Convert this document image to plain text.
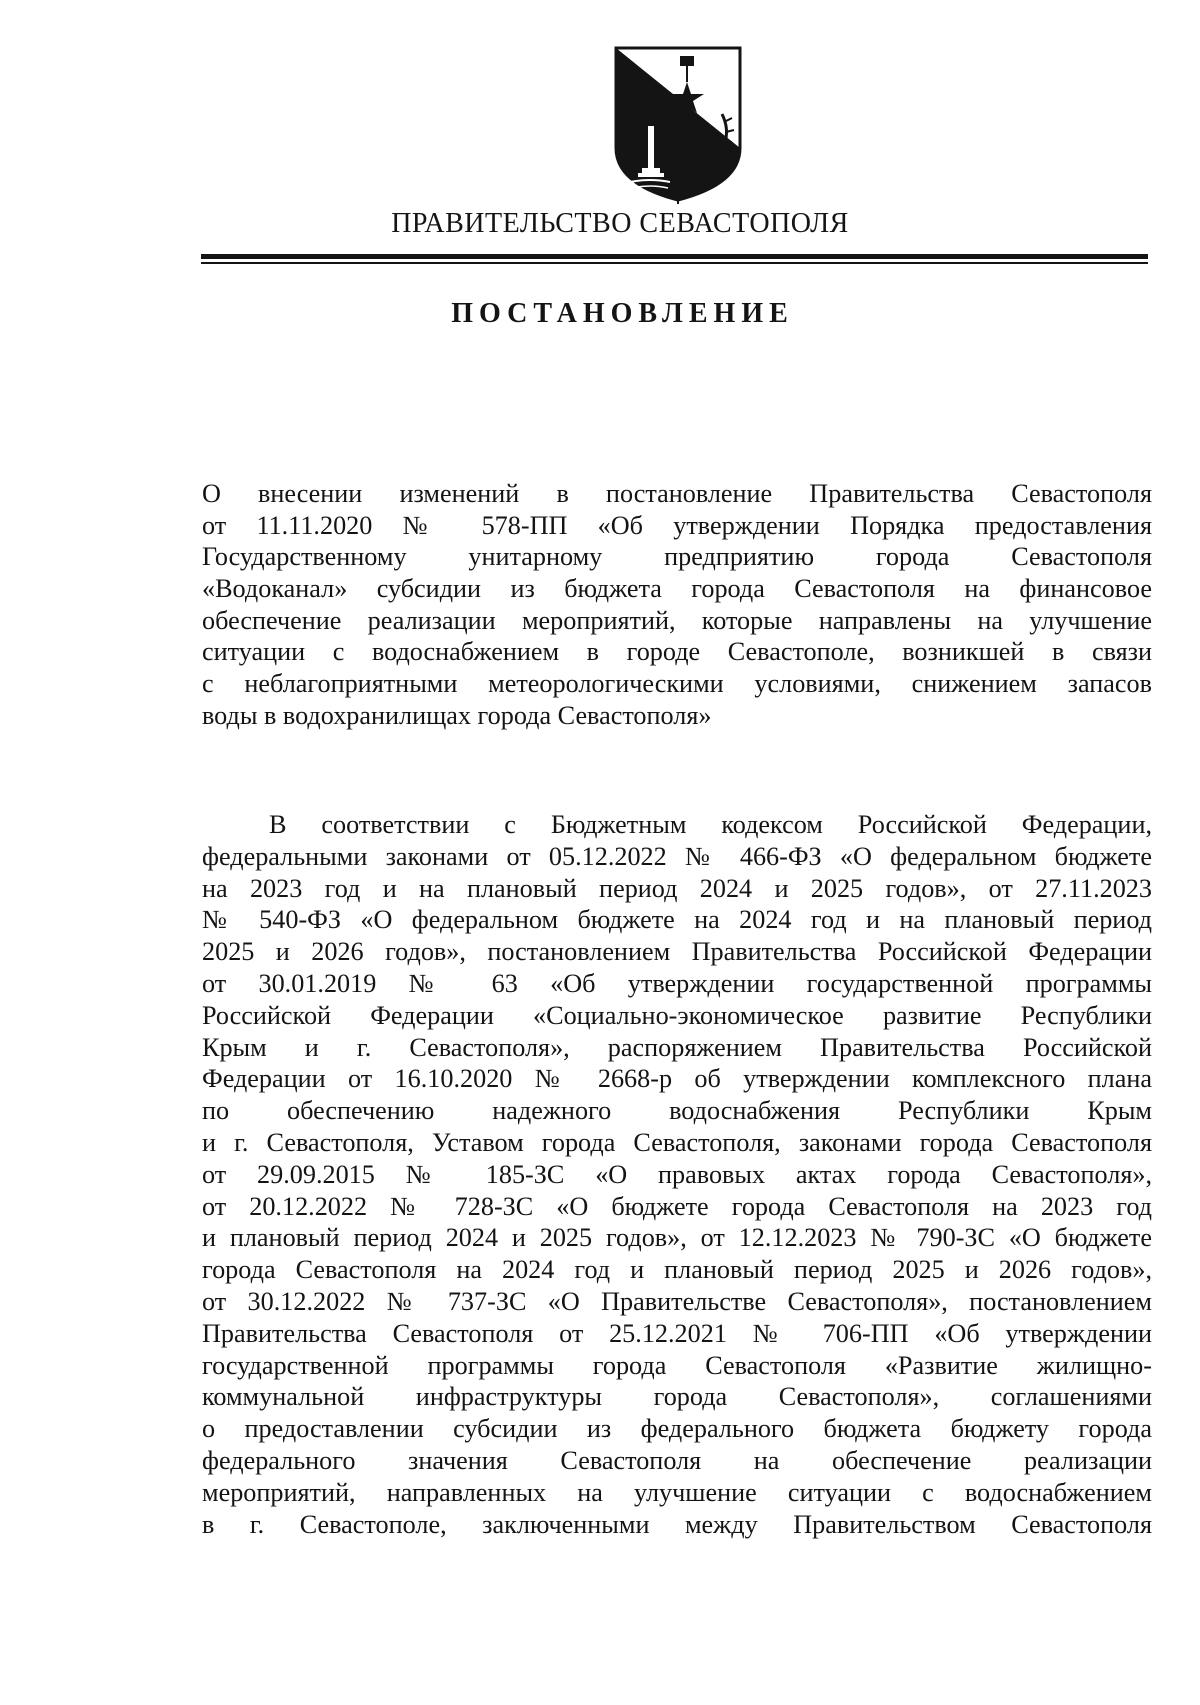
ПРАВИТЕЛЬСТВО СЕВАСТОПОЛЯ
ПОСТАНОВЛЕНИЕ
О внесении изменений в постановление Правительства Севастополя
от 11.11.2020 № 578-ПП «Об утверждении Порядка предоставления
Государственному унитарному предприятию города Севастополя
«Водоканал» субсидии из бюджета города Севастополя на финансовое
обеспечение реализации мероприятий, которые направлены на улучшение
ситуации с водоснабжением в городе Севастополе, возникшей в связи
с неблагоприятными метеорологическими условиями, снижением запасов
воды в водохранилищах города Севастополя»
В соответствии с Бюджетным кодексом Российской Федерации,
федеральными законами от 05.12.2022 № 466-ФЗ «О федеральном бюджете
на 2023 год и на плановый период 2024 и 2025 годов», от 27.11.2023
№ 540-ФЗ «О федеральном бюджете на 2024 год и на плановый период
2025 и 2026 годов», постановлением Правительства Российской Федерации
от 30.01.2019 № 63 «Об утверждении государственной программы
Российской Федерации «Социально-экономическое развитие Республики
Крым и г. Севастополя», распоряжением Правительства Российской
Федерации от 16.10.2020 № 2668-р об утверждении комплексного плана
по обеспечению надежного водоснабжения Республики Крым
и г. Севастополя, Уставом города Севастополя, законами города Севастополя
от 29.09.2015 № 185-ЗС «О правовых актах города Севастополя»,
от 20.12.2022 № 728-ЗС «О бюджете города Севастополя на 2023 год
и плановый период 2024 и 2025 годов», от 12.12.2023 № 790-ЗС «О бюджете
города Севастополя на 2024 год и плановый период 2025 и 2026 годов»,
от 30.12.2022 № 737-ЗС «О Правительстве Севастополя», постановлением
Правительства Севастополя от 25.12.2021 № 706-ПП «Об утверждении
государственной программы города Севастополя «Развитие жилищно-
коммунальной инфраструктуры города Севастополя», соглашениями
о предоставлении субсидии из федерального бюджета бюджету города
федерального значения Севастополя на обеспечение реализации
мероприятий, направленных на улучшение ситуации с водоснабжением
в г. Севастополе, заключенными между Правительством Севастополя
